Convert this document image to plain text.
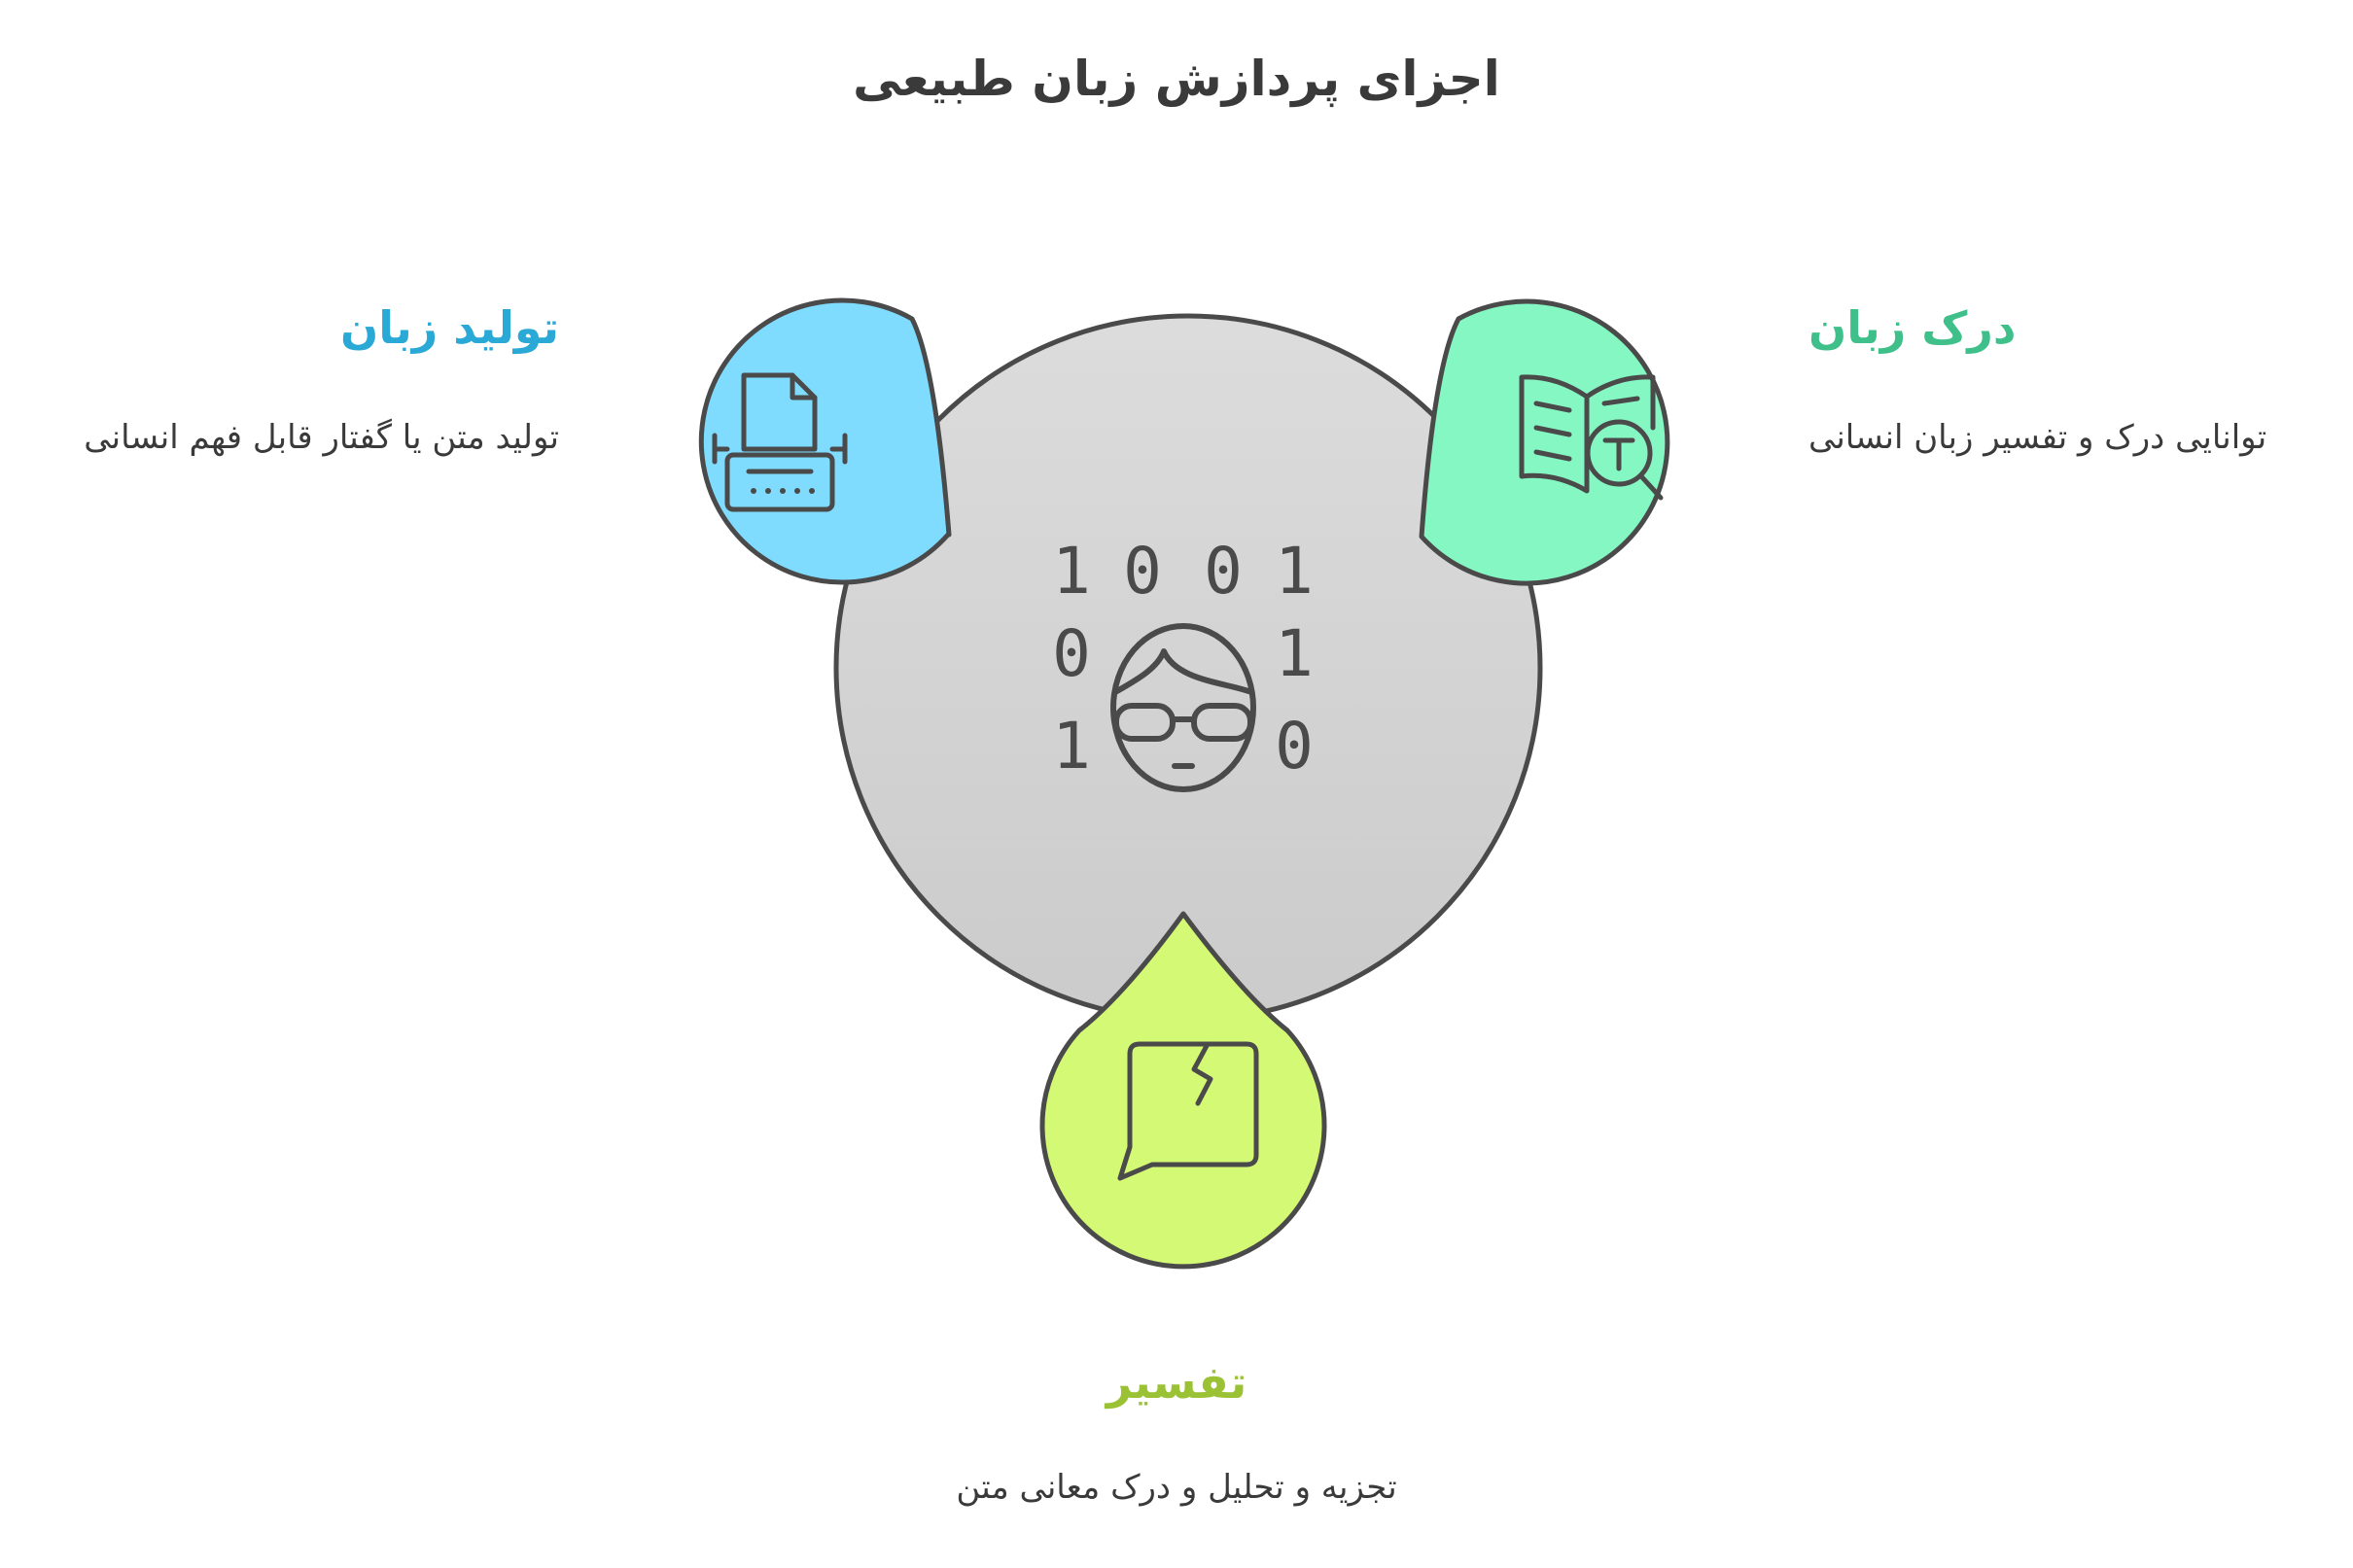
1 0 0 1
0	1
1	0
اجزای پردازش زبان طبیعی
تولید زبان
تولید متن یا گفتار قابل فهم انسانی
درک زبان
توانایی درک و تفسیر زبان انسانی
تفسیر
تجزیه و تحلیل و درک معانی متن
